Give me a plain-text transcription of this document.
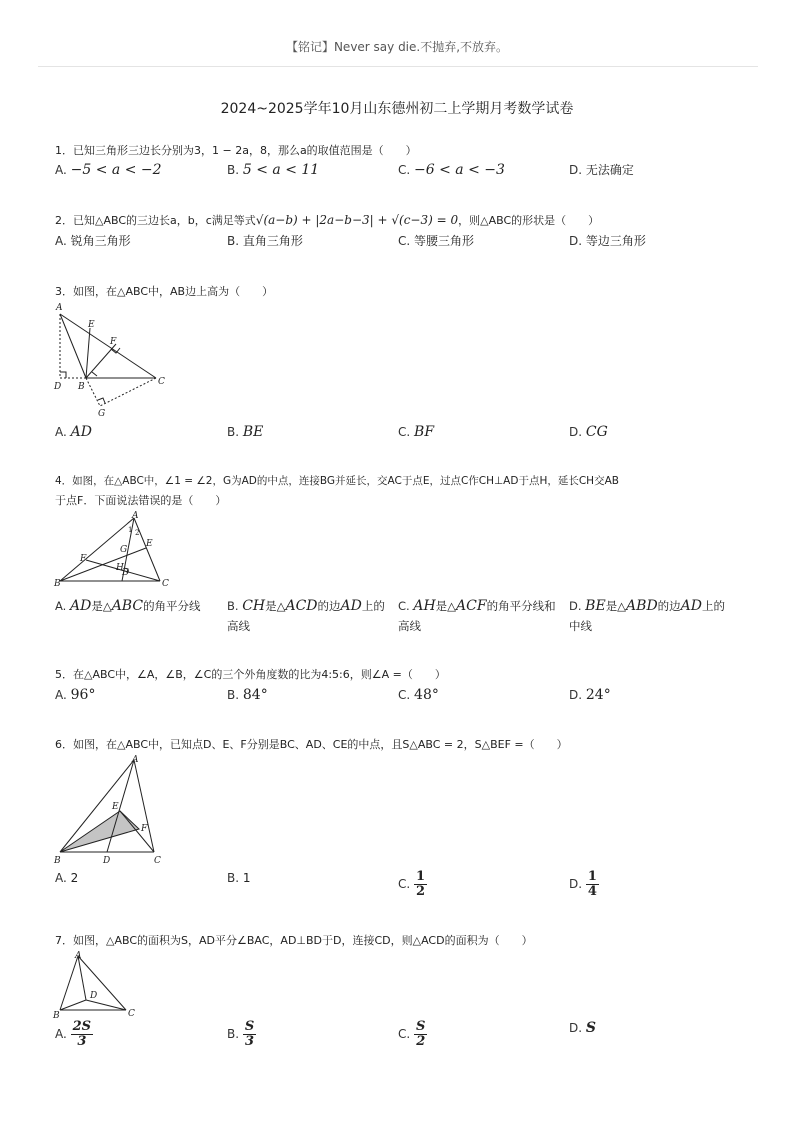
【铭记】Never say die.不抛弃,不放弃。
2024~2025学年10月山东德州初二上学期月考数学试卷
1．已知三角形三边长分别为3，1 − 2a，8，那么a的取值范围是（　　）
A. −5 < a < −2	B. 5 < a < 11	C. −6 < a < −3	D. 无法确定
2．已知△ABC的三边长a，b，c满足等式√(a−b) + |2a−b−3| + √(c−3) = 0，则△ABC的形状是（　　）
A. 锐角三角形	B. 直角三角形	C. 等腰三角形	D. 等边三角形
3．如图，在△ABC中，AB边上高为（　　）
A
E
F
D B	C
G
A. AD	B. BE	C. BF	D. CG
4．如图，在△ABC中，∠1 = ∠2，G为AD的中点，连接BG并延长，交AC于点E，过点C作CH⊥AD于点H，延长CH交AB
于点F．下面说法错误的是（　　）
A
1 2
F
G
E
H
D
B	C
A. AD是△ABC的角平分线	B. CH是△ACD的边AD上的高线
C. AH是△ACF的角平分线和高线
D. BE是△ABD的边AD上的中线
5．在△ABC中，∠A，∠B，∠C的三个外角度数的比为4:5:6，则∠A =（　　）
A. 96°	B. 84°	C. 48°	D. 24°
6．如图，在△ABC中，已知点D、E、F分别是BC、AD、CE的中点，且S△ABC = 2，S△BEF =（　　）
A
E
F
B	D	C
A. 2	B. 1	C. $\frac{1}{2}$	D. $\frac{1}{4}$
7．如图，△ABC的面积为S，AD平分∠BAC，AD⊥BD于D，连接CD，则△ACD的面积为（　　）
A
D
B	C
A. $\frac{2S}{3}$	B. $\frac{S}{3}$	C. $\frac{S}{2}$	D. S
